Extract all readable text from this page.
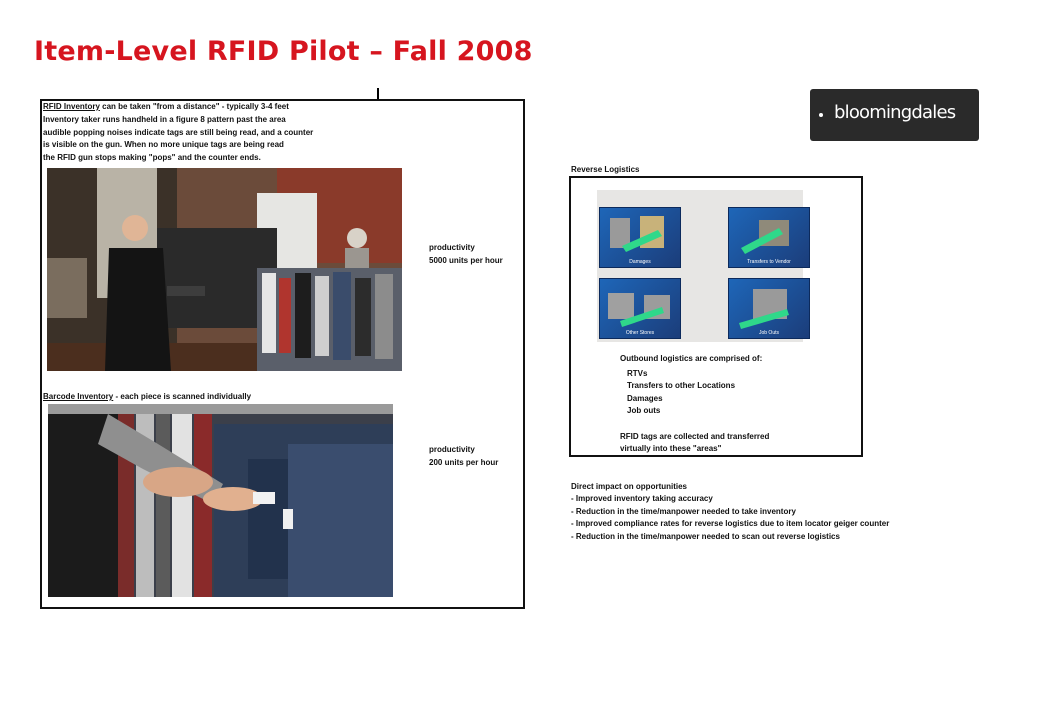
Item-Level RFID Pilot – Fall 2008
RFID Inventory can be taken "from a distance" - typically 3-4 feet
Inventory taker runs handheld in a figure 8 pattern past the area
audible popping noises indicate tags are still being read, and a counter
is visible on the gun. When no more unique tags are being read
the RFID gun stops making "pops" and the counter ends.
productivity
5000 units per hour
Barcode Inventory - each piece is scanned individually
productivity
200 units per hour
bloomingdales
Reverse Logistics
Damages	Transfers to Vendor
Other Stores	Job Outs
Outbound logistics are comprised of:
RTVs
Transfers to other Locations
Damages
Job outs
RFID tags are collected and transferred
virtually into these "areas"
Direct impact on opportunities
- Improved inventory taking accuracy
- Reduction in the time/manpower needed to take inventory
- Improved compliance rates for reverse logistics due to item locator geiger counter
- Reduction in the time/manpower needed to scan out reverse logistics
